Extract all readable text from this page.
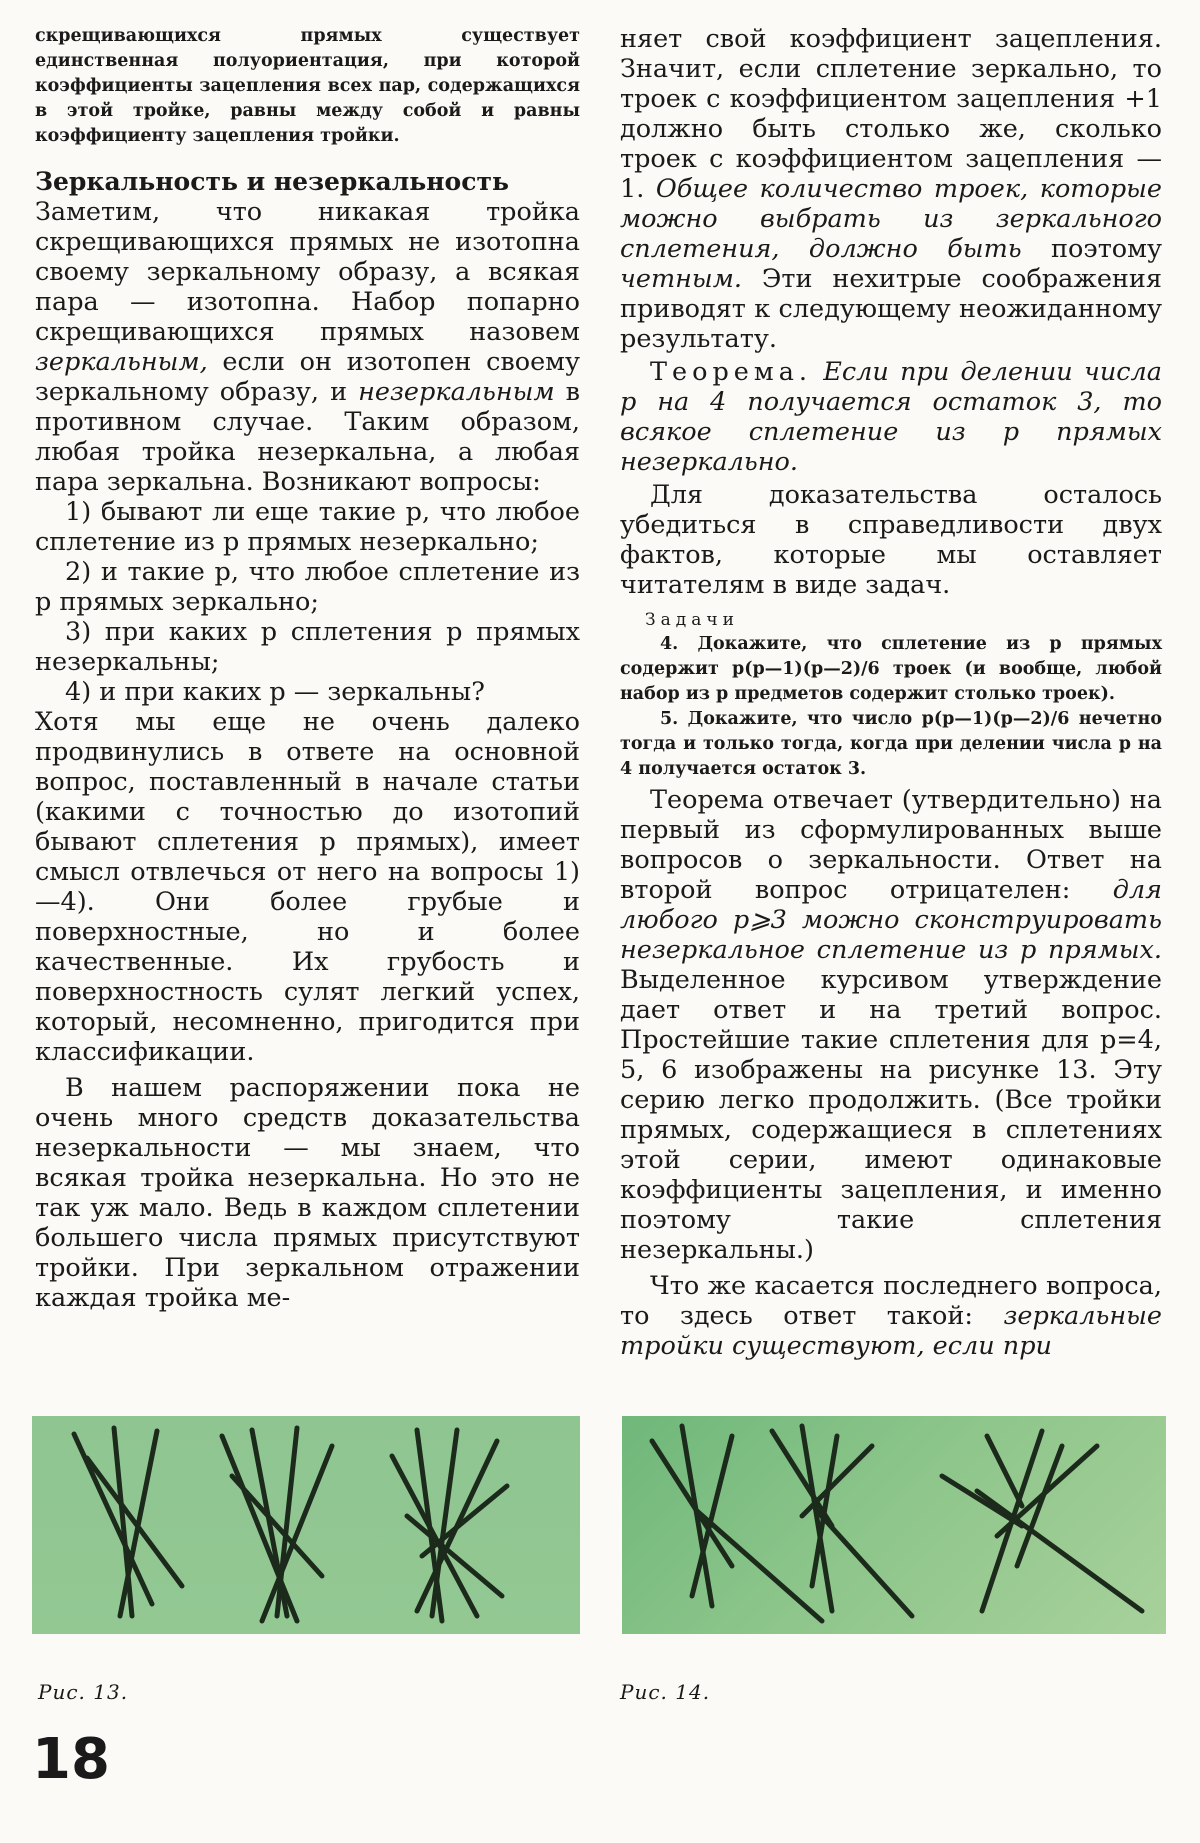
скрещивающихся прямых существует единственная полуориентация, при которой коэффициенты зацепления всех пар, содержащихся в этой тройке, равны между собой и равны коэффициенту зацепления тройки.

Зеркальность и незеркальность

Заметим, что никакая тройка скрещивающихся прямых не изотопна своему зеркальному образу, а всякая пара — изотопна. Набор попарно скрещивающихся прямых назовем зеркальным, если он изотопен своему зеркальному образу, и незеркальным в противном случае. Таким образом, любая тройка незеркальна, а любая пара зеркальна. Возникают вопросы:

1) бывают ли еще такие p, что любое сплетение из p прямых незеркально;

2) и такие p, что любое сплетение из p прямых зеркально;

3) при каких p сплетения p прямых незеркальны;

4) и при каких p — зеркальны?

Хотя мы еще не очень далеко продвинулись в ответе на основной вопрос, поставленный в начале статьи (какими с точностью до изотопий бывают сплетения p прямых), имеет смысл отвлечься от него на вопросы 1)—4). Они более грубые и поверхностные, но и более качественные. Их грубость и поверхностность сулят легкий успех, который, несомненно, пригодится при классификации.

В нашем распоряжении пока не очень много средств доказательства незеркальности — мы знаем, что всякая тройка незеркальна. Но это не так уж мало. Ведь в каждом сплетении большего числа прямых присутствуют тройки. При зеркальном отражении каждая тройка ме-

няет свой коэффициент зацепления. Значит, если сплетение зеркально, то троек с коэффициентом зацепления +1 должно быть столько же, сколько троек с коэффициентом зацепления —1. Общее количество троек, которые можно выбрать из зеркального сплетения, должно быть поэтому четным. Эти нехитрые соображения приводят к следующему неожиданному результату.

Теорема. Если при делении числа p на 4 получается остаток 3, то всякое сплетение из p прямых незеркально.

Для доказательства осталось убедиться в справедливости двух фактов, которые мы оставляет читателям в виде задач.

Задачи

4. Докажите, что сплетение из p прямых содержит p(p—1)(p—2)/6 троек (и вообще, любой набор из p предметов содержит столько троек).

5. Докажите, что число p(p—1)(p—2)/6 нечетно тогда и только тогда, когда при делении числа p на 4 получается остаток 3.

Теорема отвечает (утвердительно) на первый из сформулированных выше вопросов о зеркальности. Ответ на второй вопрос отрицателен: для любого p⩾3 можно сконструировать незеркальное сплетение из p прямых. Выделенное курсивом утверждение дает ответ и на третий вопрос. Простейшие такие сплетения для p=4, 5, 6 изображены на рисунке 13. Эту серию легко продолжить. (Все тройки прямых, содержащиеся в сплетениях этой серии, имеют одинаковые коэффициенты зацепления, и именно поэтому такие сплетения незеркальны.)

Что же касается последнего вопроса, то здесь ответ такой: зеркальные тройки существуют, если при

Рис. 13.	Рис. 14.
18
